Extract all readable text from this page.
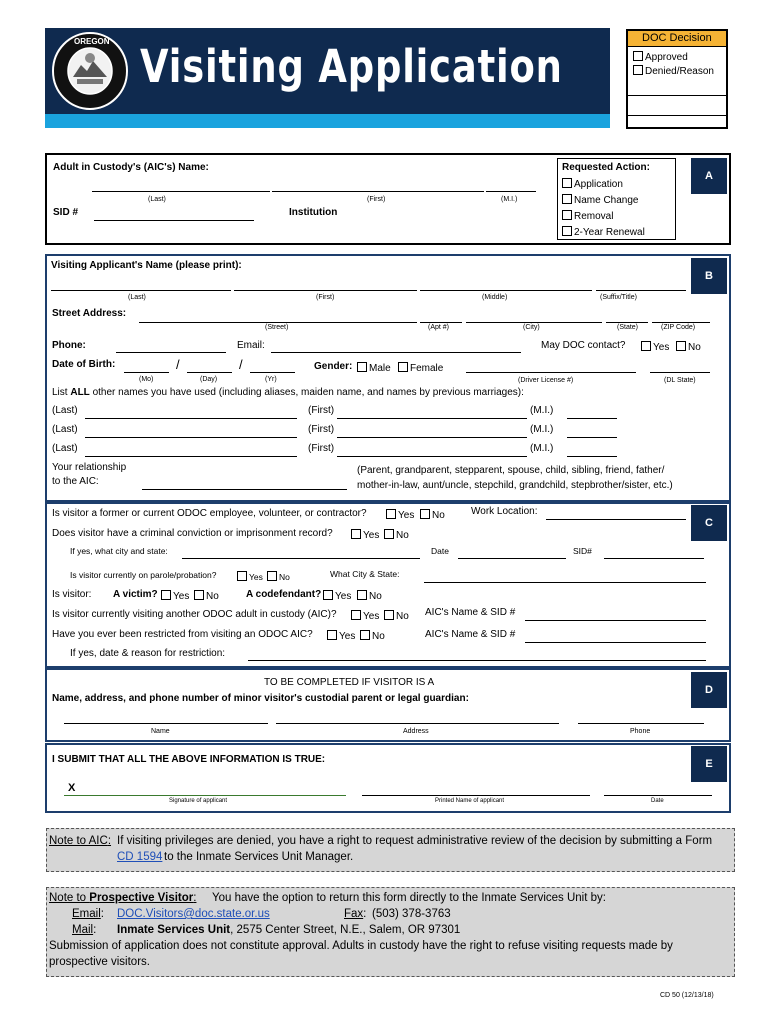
OREGON Visiting Application
DOC Decision
Approved
Denied/Reason
A
Adult in Custody's (AIC's) Name:
(Last)	(First)	(M.I.)
SID #	Institution
Requested Action:
Application
Name Change
Removal
2-Year Renewal
B
Visiting Applicant's Name (please print):
(Last)	(First)	(Middle)	(Suffix/Title)
Street Address:
(Street)	(Apt #)	(City)	(State)	(ZIP Code)
Phone:	Email:	May DOC contact?	Yes	No
Date of Birth:	/	/
(Mo)	(Day)	(Yr)
Gender:	Male	Female
(Driver License #)	(DL State)
List ALL other names you have used (including aliases, maiden name, and names by previous marriages):
(Last)	(First)	(M.I.)
(Last)	(First)	(M.I.)
(Last)	(First)	(M.I.)
Your relationship
to the AIC:
(Parent, grandparent, stepparent, spouse, child, sibling, friend, father/
mother-in-law, aunt/uncle, stepchild, grandchild, stepbrother/sister, etc.)
C
Is visitor a former or current ODOC employee, volunteer, or contractor?	Yes	No	Work Location:
Does visitor have a criminal conviction or imprisonment record?	Yes	No
If yes, what city and state:	Date	SID#
Is visitor currently on parole/probation?	Yes	No	What City & State:
Is visitor: A victim?	Yes	No	A codefendant?	Yes	No
Is visitor currently visiting another ODOC adult in custody (AIC)?	Yes	No AIC's Name & SID #
Have you ever been restricted from visiting an ODOC AIC?	Yes	No	AIC's Name & SID #
If yes, date & reason for restriction:
D
TO BE COMPLETED IF VISITOR IS A
Name, address, and phone number of minor visitor's custodial parent or legal guardian:
Name	Address	Phone
E
I SUBMIT THAT ALL THE ABOVE INFORMATION IS TRUE:
X
Signature of applicant	Printed Name of applicant	Date
Note to AIC: If visiting privileges are denied, you have a right to request administrative review of the decision by submitting a Form
CD 1594 to the Inmate Services Unit Manager.
Note to Prospective Visitor: You have the option to return this form directly to the Inmate Services Unit by:
Email: DOC.Visitors@doc.state.or.us	Fax: (503) 378-3763
Mail: Inmate Services Unit, 2575 Center Street, N.E., Salem, OR 97301
Submission of application does not constitute approval. Adults in custody have the right to refuse visiting requests made by
prospective visitors.
CD 50 (12/13/18)
